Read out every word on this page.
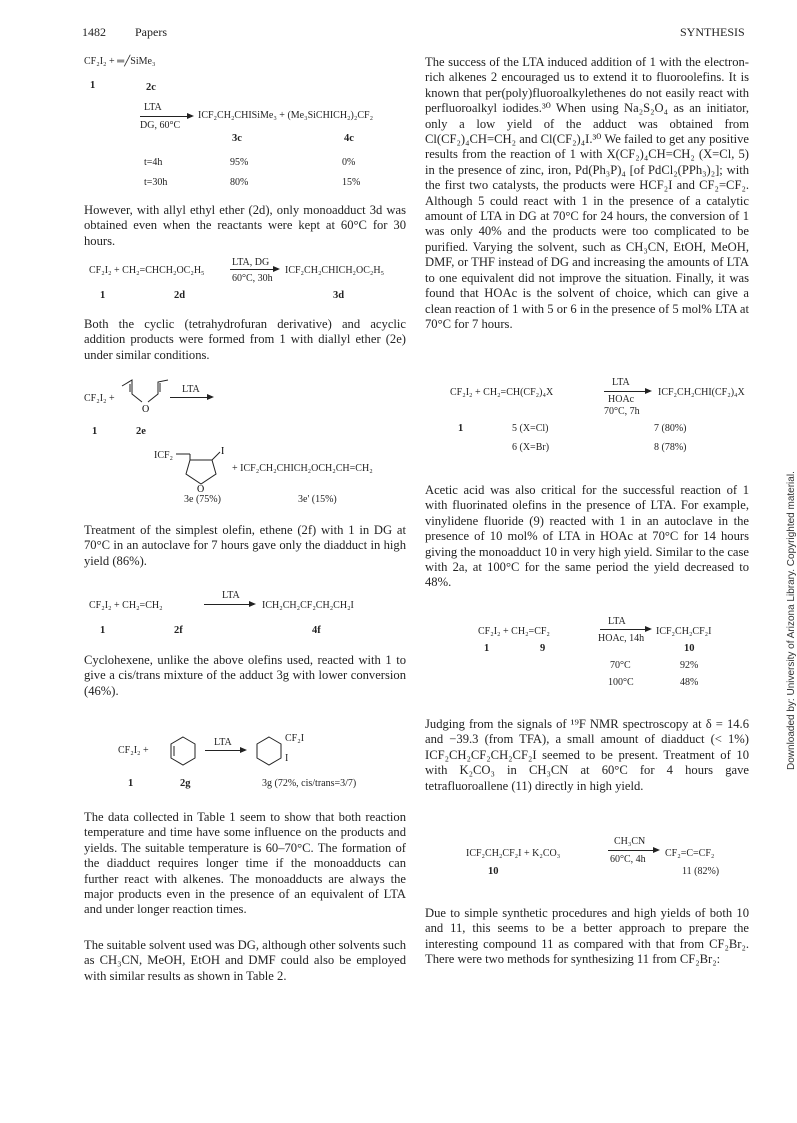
1482 Papers	SYNTHESIS
Downloaded by: University of Arizona Library. Copyrighted material.
CF₂I₂ + ═╱SiMe₃
1	2c
LTA
DG, 60°C
ICF₂CH₂CHISiMe₃ + (Me₃SiCHICH₂)₂CF₂
3c	4c
t=4h	95%	0%
t=30h	80%	15%

However, with allyl ethyl ether (2d), only monoadduct 3d was obtained even when the reactants were kept at 60°C for 30 hours.

CF₂I₂ + CH₂=CHCH₂OC₂H₅
LTA, DG
60°C, 30h
ICF₂CH₂CHICH₂OC₂H₅
1	2d	3d

Both the cyclic (tetrahydrofuran derivative) and acyclic addition products were formed from 1 with diallyl ether (2e) under similar conditions.

CF₂I₂ +
O
LTA
1	2e
ICF₂	I
O
+ ICF₂CH₂CHICH₂OCH₂CH=CH₂
3e (75%)	3e' (15%)

Treatment of the simplest olefin, ethene (2f) with 1 in DG at 70°C in an autoclave for 7 hours gave only the diadduct in high yield (86%).

CF₂I₂ + CH₂=CH₂
LTA
ICH₂CH₂CF₂CH₂CH₂I
1	2f	4f

Cyclohexene, unlike the above olefins used, reacted with 1 to give a cis/trans mixture of the adduct 3g with lower conversion (46%).

CF₂I₂ +
LTA	CF₂I
I
1	2g	3g (72%, cis/trans=3/7)

The data collected in Table 1 seem to show that both reaction temperature and time have some influence on the products and yields. The suitable temperature is 60–70°C. The formation of the diadduct requires longer time if the monoadducts can further react with alkenes. The monoadducts are always the major products even in the presence of an equivalent of LTA and under longer reaction times.

The suitable solvent used was DG, although other solvents such as CH₃CN, MeOH, EtOH and DMF could also be employed with similar results as shown in Table 2.

The success of the LTA induced addition of 1 with the electron-rich alkenes 2 encouraged us to extend it to fluoroolefins. It is known that per(poly)fluoroalkylethenes do not easily react with perfluoroalkyl iodides.³⁰ When using Na₂S₂O₄ as an initiator, only a low yield of the adduct was obtained from Cl(CF₂)₄CH=CH₂ and Cl(CF₂)₄I.³⁰ We failed to get any positive results from the reaction of 1 with X(CF₂)₄CH=CH₂ (X=Cl, 5) in the presence of zinc, iron, Pd(Ph₃P)₄ [of PdCl₂(PPh₃)₂]; with the first two catalysts, the products were HCF₂I and CF₂=CF₂. Although 5 could react with 1 in the presence of a catalytic amount of LTA in DG at 70°C for 24 hours, the conversion of 1 was only 40% and the products were too complicated to be purified. Varying the solvent, such as CH₃CN, EtOH, MeOH, DMF, or THF instead of DG and increasing the amounts of LTA to one equivalent did not improve the situation. Finally, it was found that HOAc is the solvent of choice, which can give a clean reaction of 1 with 5 or 6 in the presence of 5 mol% LTA at 70°C for 7 hours.

CF₂I₂ + CH₂=CH(CF₂)₄X
LTA
HOAc
70°C, 7h
ICF₂CH₂CHI(CF₂)₄X
1	5 (X=Cl)	7 (80%)
6 (X=Br)	8 (78%)

Acetic acid was also critical for the successful reaction of 1 with fluorinated olefins in the presence of LTA. For example, vinylidene fluoride (9) reacted with 1 in an autoclave in the presence of 10 mol% of LTA in HOAc at 70°C for 14 hours giving the monoadduct 10 in very high yield. Similar to the case with 2a, at 100°C for the same period the yield decreased to 48%.

CF₂I₂ + CH₂=CF₂
LTA
HOAc, 14h
ICF₂CH₂CF₂I
1	9	10
70°C	92%
100°C	48%

Judging from the signals of ¹⁹F NMR spectroscopy at δ = 14.6 and −39.3 (from TFA), a small amount of diadduct (< 1%) ICF₂CH₂CF₂CH₂CF₂I seemed to be present. Treatment of 10 with K₂CO₃ in CH₃CN at 60°C for 4 hours gave tetrafluoroallene (11) directly in high yield.

ICF₂CH₂CF₂I + K₂CO₃
CH₃CN
60°C, 4h
CF₂=C=CF₂
10	11 (82%)

Due to simple synthetic procedures and high yields of both 10 and 11, this seems to be a better approach to prepare the interesting compound 11 as compared with that from CF₂Br₂. There were two methods for synthesizing 11 from CF₂Br₂:
